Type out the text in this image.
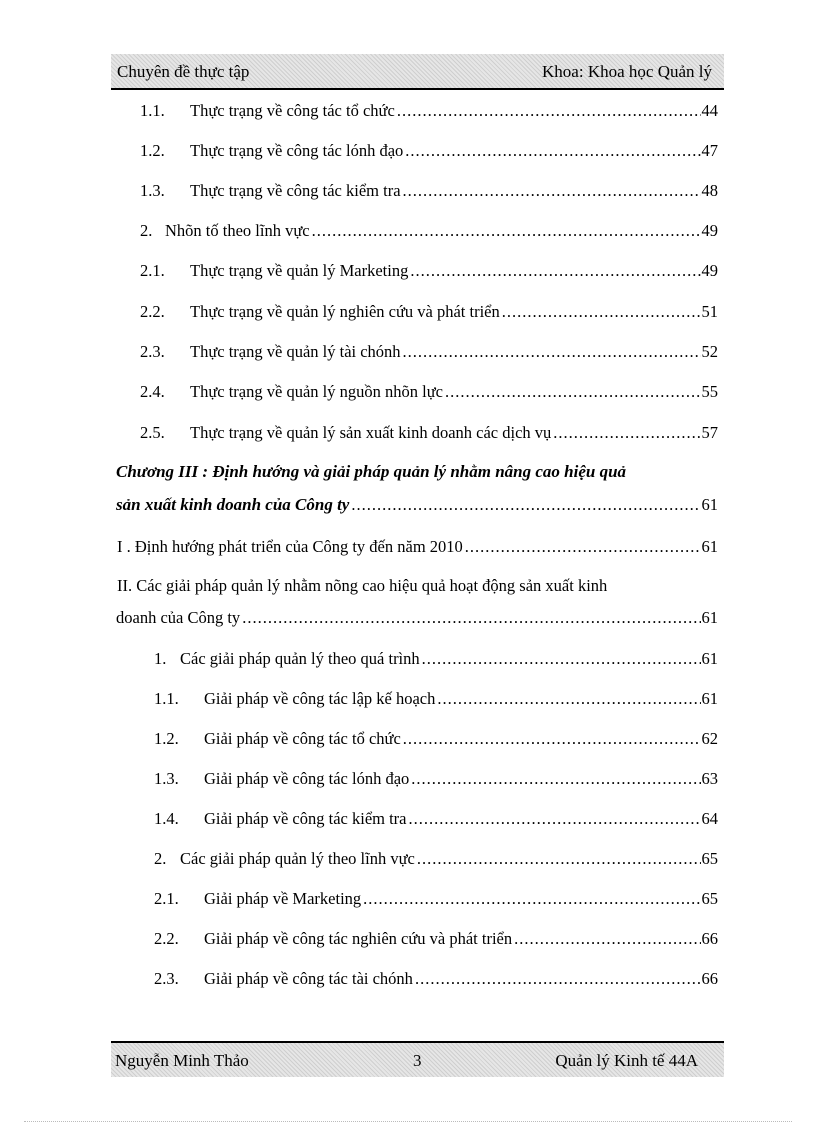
Chuyên đề thực tập	Khoa: Khoa học Quản lý
1.1.	Thực trạng về công tác tổ chức .....	44
1.2.	Thực trạng về công tác lónh đạo .....	47
1.3.	Thực trạng về công tác kiểm tra .....	48
2. Nhõn tố theo lĩnh vực .....	49
2.1.	Thực trạng về quản lý Marketing .....	49
2.2.	Thực trạng về quản lý nghiên cứu và phát triển .....	51
2.3.	Thực trạng về quản lý tài chónh .....	52
2.4.	Thực trạng về quản lý nguồn nhõn lực .....	55
2.5.	Thực trạng về quản lý sản xuất kinh doanh các dịch vụ .....	57
Chương III : Định hướng và giải pháp quản lý nhằm nâng cao hiệu quả
sản xuất kinh doanh của Công ty .....	61
I . Định hướng phát triển của Công ty đến năm 2010 .....	61
II. Các giải pháp quản lý nhằm nõng cao hiệu quả hoạt động sản xuất kinh
doanh của Công ty .....	61
1. Các giải pháp quản lý theo quá trình .....	61
1.1.	Giải pháp về công tác lập kế hoạch .....	61
1.2.	Giải pháp về công tác tổ chức .....	62
1.3.	Giải pháp về công tác lónh đạo .....	63
1.4.	Giải pháp về công tác kiểm tra .....	64
2. Các giải pháp quản lý theo lĩnh vực .....	65
2.1.	Giải pháp về Marketing .....	65
2.2.	Giải pháp về công tác nghiên cứu và phát triển .....	66
2.3.	Giải pháp về công tác tài chónh .....	66
Nguyễn Minh Thảo	3	Quản lý Kinh tế 44A
